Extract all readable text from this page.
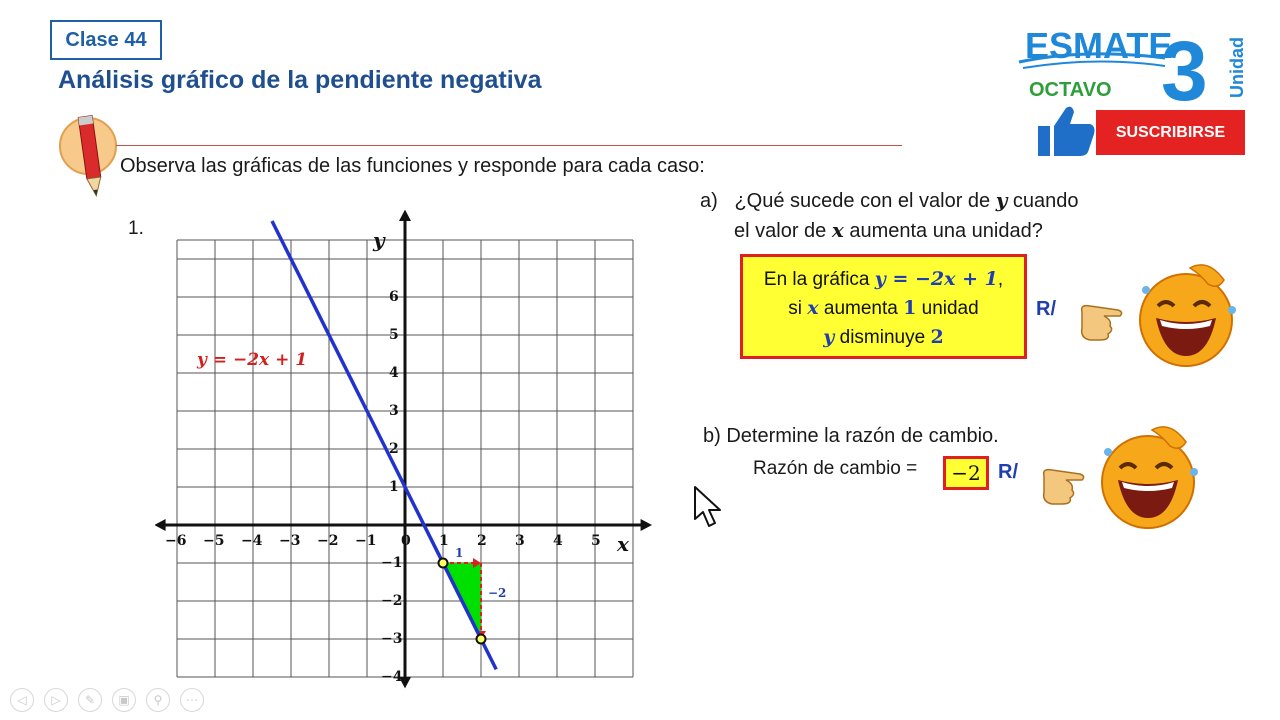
Clase 44
Análisis gráfico de la pendiente negativa
Observa las gráficas de las funciones y responde para cada caso:
ESMATE
OCTAVO 3 Unidad
SUSCRIBIRSE
1.
−6 −5 −4 −3 −2 −1 0 1 2 3 4 5
6
5
4
3
2
1
−1
−2
−3
−4
y = −2x + 1
x
y
1
−2
a) ¿Qué sucede con el valor de y cuando
el valor de x aumenta una unidad?
En la gráfica y = −2x + 1,
si x aumenta 1 unidad
y disminuye 2
R/
b) Determine la razón de cambio.
Razón de cambio =	−2 R/
◁	▷	✎	▣	⚲	⋯
